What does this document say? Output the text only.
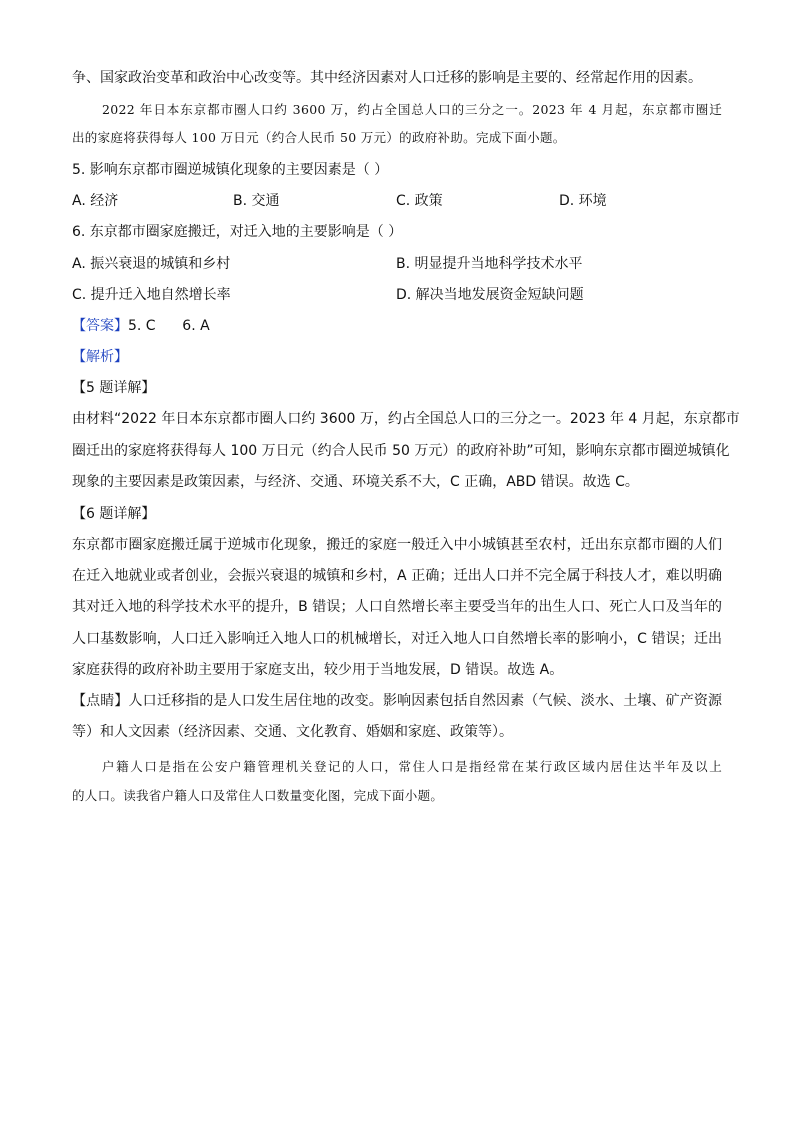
争、国家政治变革和政治中心改变等。其中经济因素对人口迁移的影响是主要的、经常起作用的因素。
2022 年日本东京都市圈人口约 3600 万，约占全国总人口的三分之一。2023 年 4 月起，东京都市圈迁
出的家庭将获得每人 100 万日元（约合人民币 50 万元）的政府补助。完成下面小题。
5. 影响东京都市圈逆城镇化现象的主要因素是（ ）
A. 经济	B. 交通	C. 政策	D. 环境
6. 东京都市圈家庭搬迁，对迁入地的主要影响是（ ）
A. 振兴衰退的城镇和乡村	B. 明显提升当地科学技术水平
C. 提升迁入地自然增长率	D. 解决当地发展资金短缺问题
【答案】5. C      6. A
【解析】
【5 题详解】
由材料“2022 年日本东京都市圈人口约 3600 万，约占全国总人口的三分之一。2023 年 4 月起，东京都市
圈迁出的家庭将获得每人 100 万日元（约合人民币 50 万元）的政府补助”可知，影响东京都市圈逆城镇化
现象的主要因素是政策因素，与经济、交通、环境关系不大，C 正确，ABD 错误。故选 C。
【6 题详解】
东京都市圈家庭搬迁属于逆城市化现象，搬迁的家庭一般迁入中小城镇甚至农村，迁出东京都市圈的人们
在迁入地就业或者创业，会振兴衰退的城镇和乡村，A 正确；迁出人口并不完全属于科技人才，难以明确
其对迁入地的科学技术水平的提升，B 错误；人口自然增长率主要受当年的出生人口、死亡人口及当年的
人口基数影响，人口迁入影响迁入地人口的机械增长，对迁入地人口自然增长率的影响小，C 错误；迁出
家庭获得的政府补助主要用于家庭支出，较少用于当地发展，D 错误。故选 A。
【点睛】人口迁移指的是人口发生居住地的改变。影响因素包括自然因素（气候、淡水、土壤、矿产资源
等）和人文因素（经济因素、交通、文化教育、婚姻和家庭、政策等）。
户籍人口是指在公安户籍管理机关登记的人口，常住人口是指经常在某行政区域内居住达半年及以上
的人口。读我省户籍人口及常住人口数量变化图，完成下面小题。
